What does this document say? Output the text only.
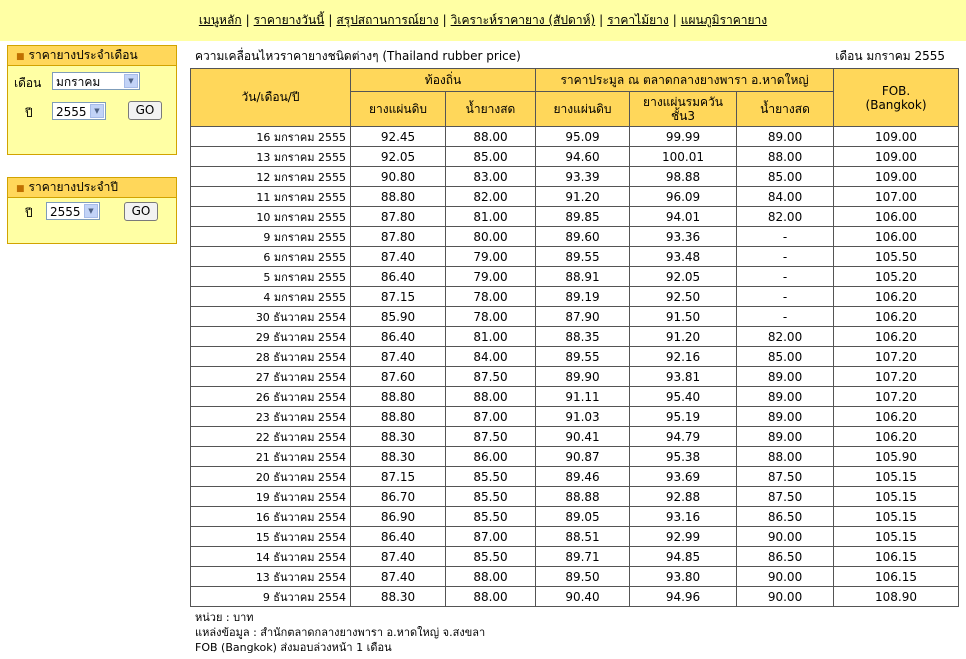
เมนูหลัก | ราคายางวันนี้ | สรุปสถานการณ์ยาง | วิเคราะห์ราคายาง (สัปดาห์) | ราคาไม้ยาง | แผนภูมิราคายาง
■ ราคายางประจำเดือน
เดือน	มกราคม	▼
ปี	2555	▼	GO
■ ราคายางประจำปี
ปี	2555	▼	GO
ความเคลื่อนไหวราคายางชนิดต่างๆ (Thailand rubber price)	เดือน มกราคม 2555
วัน/เดือน/ปี	ท้องถิ่น		ราคาประมูล ณ ตลาดกลางยางพารา อ.หาดใหญ่			FOB.
(Bangkok)
	ยางแผ่นดิบ	น้ำยางสด	ยางแผ่นดิบ	ยางแผ่นรมควัน ชั้น3	น้ำยางสด	
16 มกราคม 2555	92.45	88.00	95.09	99.99	89.00	109.00
13 มกราคม 2555	92.05	85.00	94.60	100.01	88.00	109.00
12 มกราคม 2555	90.80	83.00	93.39	98.88	85.00	109.00
11 มกราคม 2555	88.80	82.00	91.20	96.09	84.00	107.00
10 มกราคม 2555	87.80	81.00	89.85	94.01	82.00	106.00
9 มกราคม 2555	87.80	80.00	89.60	93.36	-	106.00
6 มกราคม 2555	87.40	79.00	89.55	93.48	-	105.50
5 มกราคม 2555	86.40	79.00	88.91	92.05	-	105.20
4 มกราคม 2555	87.15	78.00	89.19	92.50	-	106.20
30 ธันวาคม 2554	85.90	78.00	87.90	91.50	-	106.20
29 ธันวาคม 2554	86.40	81.00	88.35	91.20	82.00	106.20
28 ธันวาคม 2554	87.40	84.00	89.55	92.16	85.00	107.20
27 ธันวาคม 2554	87.60	87.50	89.90	93.81	89.00	107.20
26 ธันวาคม 2554	88.80	88.00	91.11	95.40	89.00	107.20
23 ธันวาคม 2554	88.80	87.00	91.03	95.19	89.00	106.20
22 ธันวาคม 2554	88.30	87.50	90.41	94.79	89.00	106.20
21 ธันวาคม 2554	88.30	86.00	90.87	95.38	88.00	105.90
20 ธันวาคม 2554	87.15	85.50	89.46	93.69	87.50	105.15
19 ธันวาคม 2554	86.70	85.50	88.88	92.88	87.50	105.15
16 ธันวาคม 2554	86.90	85.50	89.05	93.16	86.50	105.15
15 ธันวาคม 2554	86.40	87.00	88.51	92.99	90.00	105.15
14 ธันวาคม 2554	87.40	85.50	89.71	94.85	86.50	106.15
13 ธันวาคม 2554	87.40	88.00	89.50	93.80	90.00	106.15
9 ธันวาคม 2554	88.30	88.00	90.40	94.96	90.00	108.90
หน่วย : บาท
แหล่งข้อมูล : สำนักตลาดกลางยางพารา อ.หาดใหญ่ จ.สงขลา
FOB (Bangkok) ส่งมอบล่วงหน้า 1 เดือน
